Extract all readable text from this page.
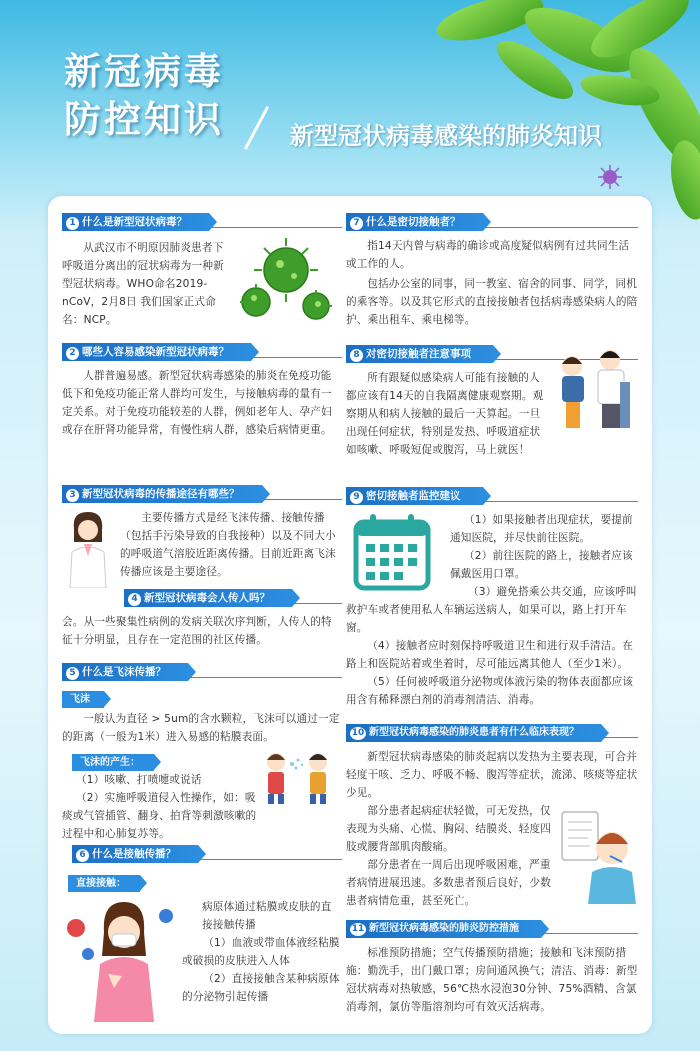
新冠病毒
防控知识	新型冠状病毒感染的肺炎知识
1 什么是新型冠状病毒？
从武汉市不明原因肺炎患者下呼吸道分离出的冠状病毒为一种新型冠状病毒。WHO命名2019-nCoV，2月8日 我们国家正式命名：NCP。
2 哪些人容易感染新型冠状病毒？
人群普遍易感。新型冠状病毒感染的肺炎在免疫功能低下和免疫功能正常人群均可发生，与接触病毒的量有一定关系。对于免疫功能较差的人群，例如老年人、孕产妇或存在肝肾功能异常，有慢性病人群，感染后病情更重。
3 新型冠状病毒的传播途径有哪些？
主要传播方式是经飞沫传播、接触传播（包括手污染导致的自我接种）以及不同大小的呼吸道气溶胶近距离传播。目前近距离飞沫传播应该是主要途径。
4 新型冠状病毒会人传人吗？
会。从一些聚集性病例的发病关联次序判断，人传人的特征十分明显，且存在一定范围的社区传播。
5 什么是飞沫传播？
飞沫
一般认为直径 > 5um的含水颗粒，飞沫可以通过一定的距离（一般为1米）进入易感的粘膜表面。
飞沫的产生：
（1）咳嗽、打喷嚏或说话
（2）实施呼吸道侵入性操作，如：吸痰或气管插管、翻身、拍背等刺激咳嗽的过程中和心肺复苏等。
6 什么是接触传播？
直接接触：
病原体通过粘膜或皮肤的直接接触传播
（1）血液或带血体液经粘膜或破损的皮肤进入人体
（2）直接接触含某种病原体的分泌物引起传播
7 什么是密切接触者？
指14天内曾与病毒的确诊或高度疑似病例有过共同生活或工作的人。
包括办公室的同事，同一教室、宿舍的同事、同学，同机的乘客等。以及其它形式的直接接触者包括病毒感染病人的陪护、乘出租车、乘电梯等。
8 对密切接触者注意事项
所有跟疑似感染病人可能有接触的人都应该有14天的自我隔离健康观察期。观察期从和病人接触的最后一天算起。一旦出现任何症状，特别是发热、呼吸道症状如咳嗽、呼吸短促或腹泻，马上就医！
9 密切接触者监控建议
（1）如果接触者出现症状，要提前通知医院，并尽快前往医院。
（2）前往医院的路上，接触者应该佩戴医用口罩。
（3）避免搭乘公共交通，应该呼叫救护车或者使用私人车辆运送病人，如果可以，路上打开车窗。
（4）接触者应时刻保持呼吸道卫生和进行双手清洁。在路上和医院站着或坐着时，尽可能远离其他人（至少1米）。
（5）任何被呼吸道分泌物或体液污染的物体表面都应该用含有稀释漂白剂的消毒剂清洁、消毒。
10 新型冠状病毒感染的肺炎患者有什么临床表现？
新型冠状病毒感染的肺炎起病以发热为主要表现，可合并轻度干咳、乏力、呼吸不畅、腹泻等症状，流涕、咳痰等症状少见。
部分患者起病症状轻微，可无发热，仅表现为头痛、心慌、胸闷、结膜炎、轻度四肢或腰背部肌肉酸痛。
部分患者在一周后出现呼吸困难，严重者病情进展迅速。多数患者预后良好，少数患者病情危重，甚至死亡。
11 新型冠状病毒感染的肺炎防控措施
标准预防措施；空气传播预防措施；接触和飞沫预防措施：勤洗手，出门戴口罩；房间通风换气；清洁、消毒：新型冠状病毒对热敏感，56℃热水浸泡30分钟、75%酒精、含氯消毒剂，氯仿等脂溶剂均可有效灭活病毒。
